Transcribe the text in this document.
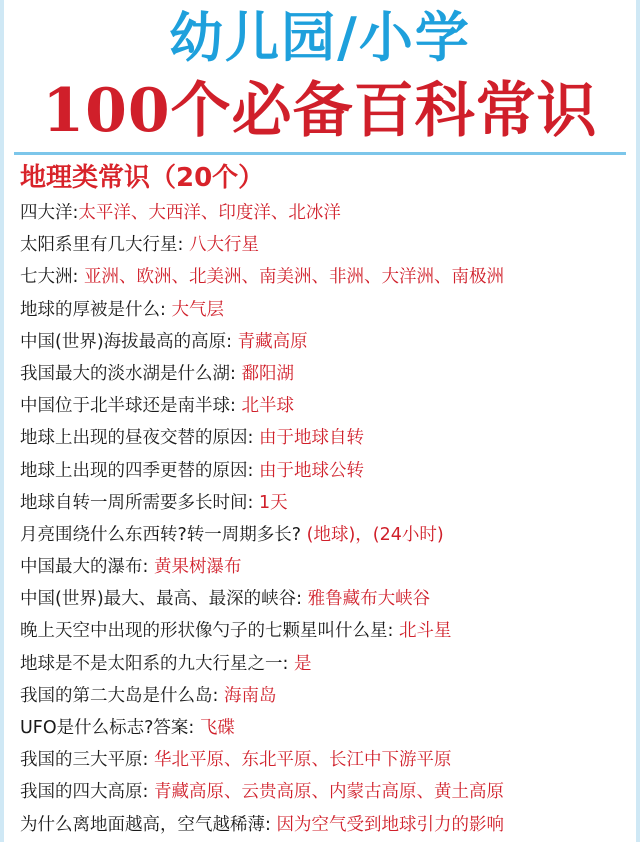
幼儿园/小学
100个必备百科常识
地理类常识（20个）
四大洋:太平洋、大西洋、印度洋、北冰洋
太阳系里有几大行星: 八大行星
七大洲: 亚洲、欧洲、北美洲、南美洲、非洲、大洋洲、南极洲
地球的厚被是什么: 大气层
中国(世界)海拔最高的高原: 青藏高原
我国最大的淡水湖是什么湖: 鄱阳湖
中国位于北半球还是南半球: 北半球
地球上出现的昼夜交替的原因: 由于地球自转
地球上出现的四季更替的原因: 由于地球公转
地球自转一周所需要多长时间: 1天
月亮围绕什么东西转?转一周期多长? (地球)，(24小时)
中国最大的瀑布: 黄果树瀑布
中国(世界)最大、最高、最深的峡谷: 雅鲁藏布大峡谷
晚上天空中出现的形状像勺子的七颗星叫什么星: 北斗星
地球是不是太阳系的九大行星之一: 是
我国的第二大岛是什么岛: 海南岛
UFO是什么标志?答案: 飞碟
我国的三大平原: 华北平原、东北平原、长江中下游平原
我国的四大高原: 青藏高原、云贵高原、内蒙古高原、黄土高原
为什么离地面越高，空气越稀薄: 因为空气受到地球引力的影响
